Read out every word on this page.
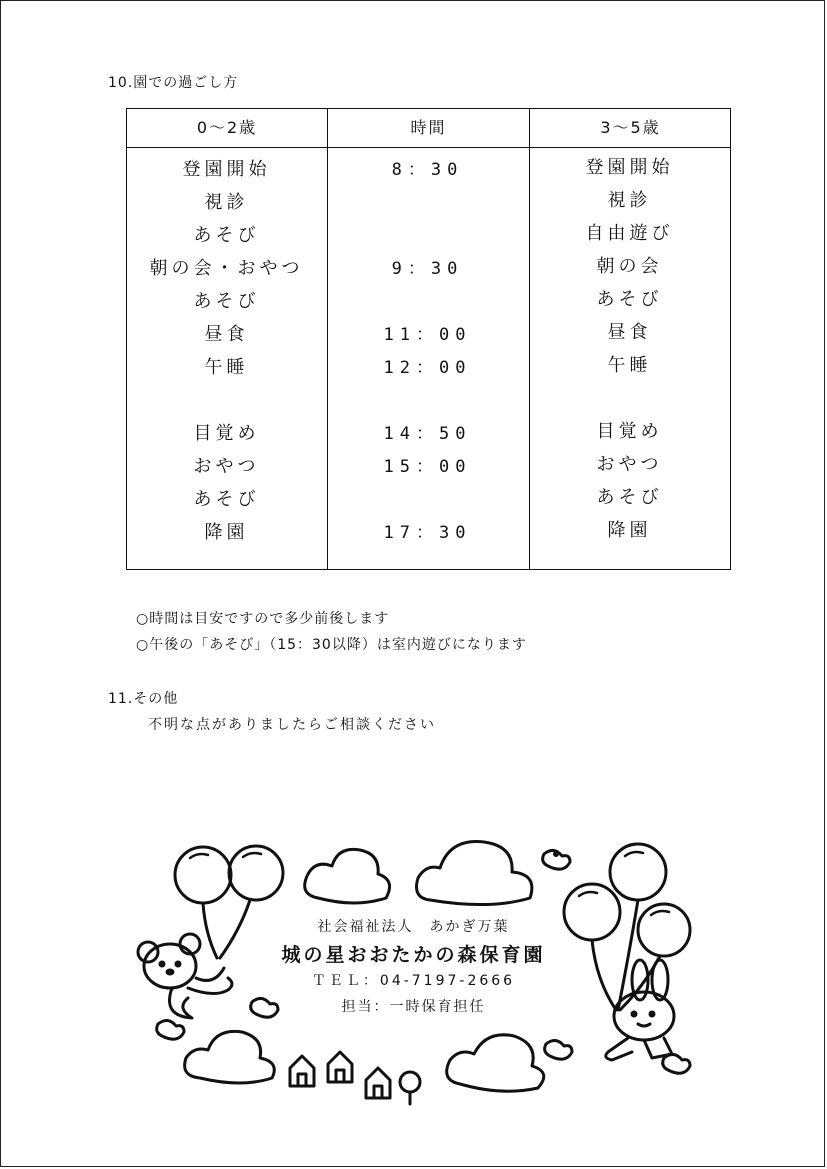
10.園での過ごし方
0〜2歳	時間	3〜5歳
登園開始
視診
あそび
朝の会・おやつ
あそび
昼食
午睡
目覚め
おやつ
あそび
降園
8：30
9：30
11：00
12：00
14：50
15：00
17：30
登園開始
視診
自由遊び
朝の会
あそび
昼食
午睡
目覚め
おやつ
あそび
降園
○時間は目安ですので多少前後します
○午後の「あそび」（15：30以降）は室内遊びになります
11.その他
不明な点がありましたらご相談ください
社会福祉法人　あかぎ万葉
城の星おおたかの森保育園
ＴＥＬ：04-7197-2666
担当：一時保育担任
